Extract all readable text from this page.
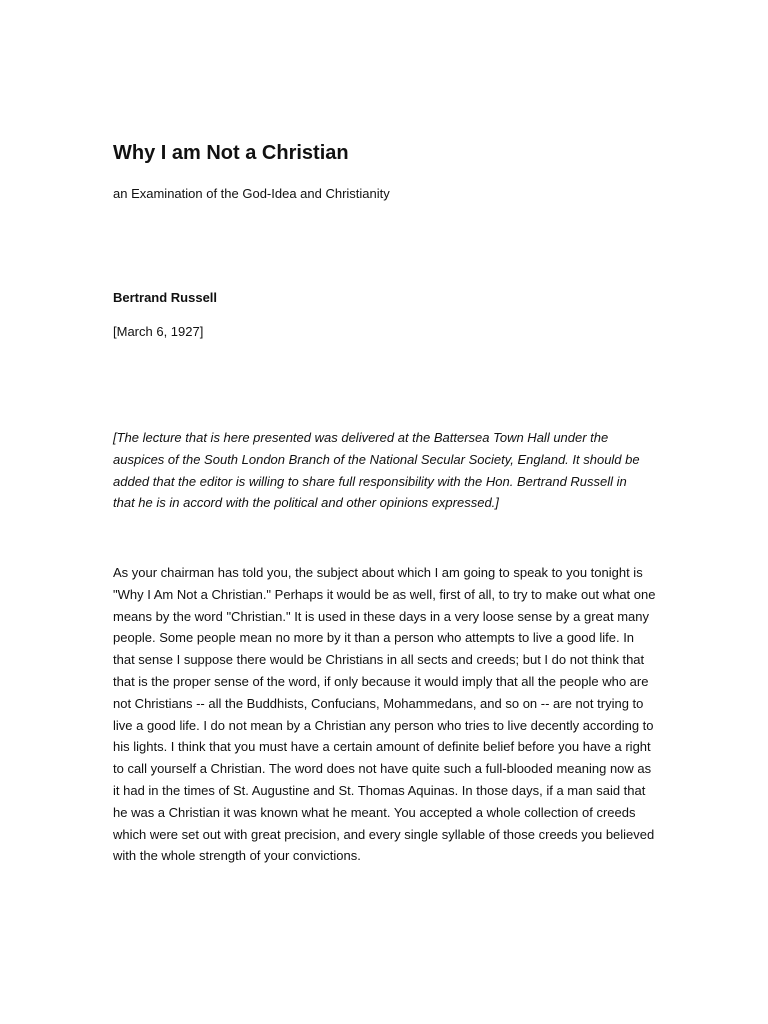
Why I am Not a Christian

an Examination of the God-Idea and Christianity

Bertrand Russell

[March 6, 1927]

[The lecture that is here presented was delivered at the Battersea Town Hall under the auspices of the South London Branch of the National Secular Society, England. It should be added that the editor is willing to share full responsibility with the Hon. Bertrand Russell in that he is in accord with the political and other opinions expressed.]

As your chairman has told you, the subject about which I am going to speak to you tonight is "Why I Am Not a Christian." Perhaps it would be as well, first of all, to try to make out what one means by the word "Christian." It is used in these days in a very loose sense by a great many people. Some people mean no more by it than a person who attempts to live a good life. In that sense I suppose there would be Christians in all sects and creeds; but I do not think that that is the proper sense of the word, if only because it would imply that all the people who are not Christians -- all the Buddhists, Confucians, Mohammedans, and so on -- are not trying to live a good life. I do not mean by a Christian any person who tries to live decently according to his lights. I think that you must have a certain amount of definite belief before you have a right to call yourself a Christian. The word does not have quite such a full-blooded meaning now as it had in the times of St. Augustine and St. Thomas Aquinas. In those days, if a man said that he was a Christian it was known what he meant. You accepted a whole collection of creeds which were set out with great precision, and every single syllable of those creeds you believed with the whole strength of your convictions.
